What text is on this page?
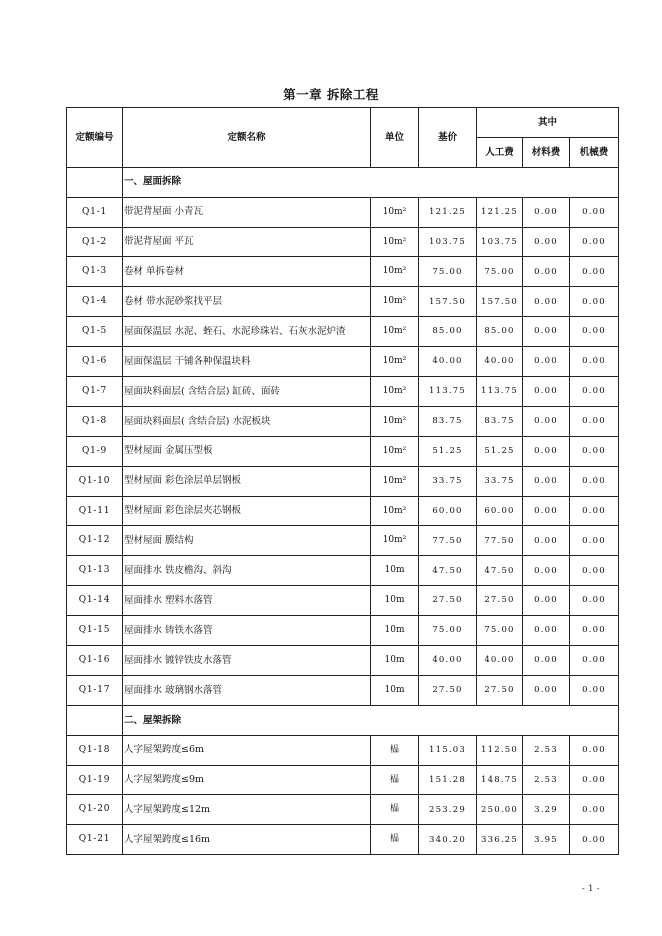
第一章 拆除工程
定额编号	定额名称	单位	基价	其中		
				人工费	材料费	机械费
	一、屋面拆除					
Q1-1	带泥背屋面 小青瓦	10m²	121.25	121.25	0.00	0.00
Q1-2	带泥背屋面 平瓦	10m²	103.75	103.75	0.00	0.00
Q1-3	卷材 单拆卷材	10m²	75.00	75.00	0.00	0.00
Q1-4	卷材 带水泥砂浆找平层	10m²	157.50	157.50	0.00	0.00
Q1-5	屋面保温层 水泥、蛭石、水泥珍珠岩、石灰水泥炉渣	10m²	85.00	85.00	0.00	0.00
Q1-6	屋面保温层 干铺各种保温块料	10m²	40.00	40.00	0.00	0.00
Q1-7	屋面块料面层( 含结合层) 缸砖、面砖	10m²	113.75	113.75	0.00	0.00
Q1-8	屋面块料面层( 含结合层) 水泥板块	10m²	83.75	83.75	0.00	0.00
Q1-9	型材屋面 金属压型板	10m²	51.25	51.25	0.00	0.00
Q1-10	型材屋面 彩色涂层单层钢板	10m²	33.75	33.75	0.00	0.00
Q1-11	型材屋面 彩色涂层夹芯钢板	10m²	60.00	60.00	0.00	0.00
Q1-12	型材屋面 膜结构	10m²	77.50	77.50	0.00	0.00
Q1-13	屋面排水 铁皮檐沟、斜沟	10m	47.50	47.50	0.00	0.00
Q1-14	屋面排水 塑料水落管	10m	27.50	27.50	0.00	0.00
Q1-15	屋面排水 铸铁水落管	10m	75.00	75.00	0.00	0.00
Q1-16	屋面排水 镀锌铁皮水落管	10m	40.00	40.00	0.00	0.00
Q1-17	屋面排水 玻璃钢水落管	10m	27.50	27.50	0.00	0.00
	二、屋架拆除					
Q1-18	人字屋架跨度≤6m	榀	115.03	112.50	2.53	0.00
Q1-19	人字屋架跨度≤9m	榀	151.28	148.75	2.53	0.00
Q1-20	人字屋架跨度≤12m	榀	253.29	250.00	3.29	0.00
Q1-21	人字屋架跨度≤16m	榀	340.20	336.25	3.95	0.00
- 1 -
